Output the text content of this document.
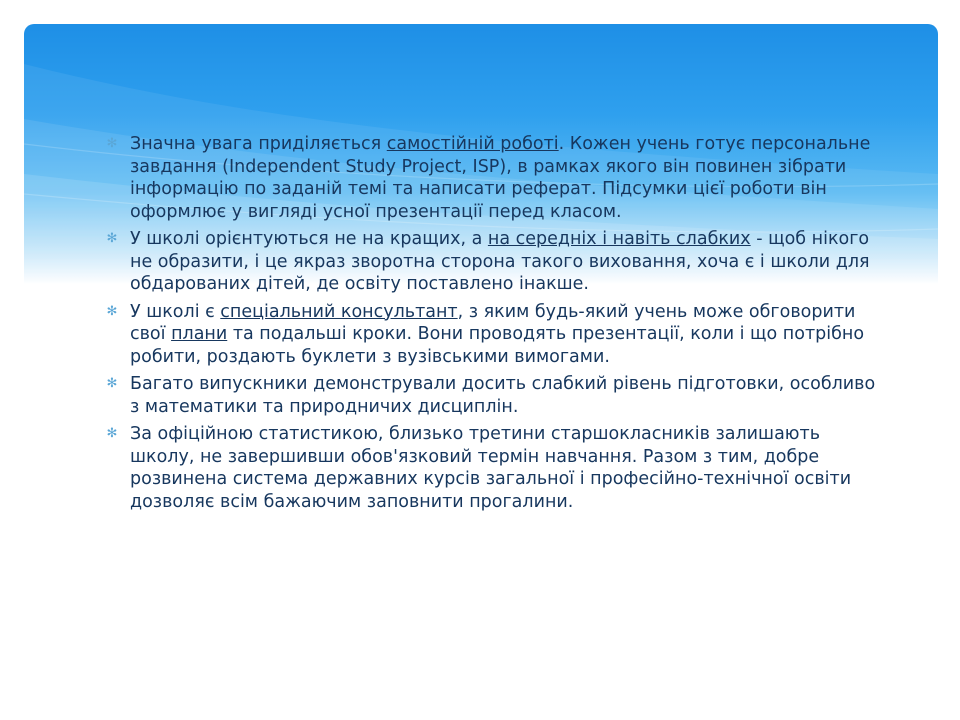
✻ Значна увага приділяється самостійній роботі. Кожен учень готує персональне завдання (Independent Study Project, ISP), в рамках якого він повинен зібрати інформацію по заданій темі та написати реферат. Підсумки цієї роботи він оформлює у вигляді усної презентації перед класом.
✻ У школі орієнтуються не на кращих, а на середніх і навіть слабких - щоб нікого не образити, і це якраз зворотна сторона такого виховання, хоча є і школи для обдарованих дітей, де освіту поставлено інакше.
✻ У школі є спеціальний консультант, з яким будь-який учень може обговорити свої плани та подальші кроки. Вони проводять презентації, коли і що потрібно робити, роздають буклети з вузівськими вимогами.
✻ Багато випускники демонстрували досить слабкий рівень підготовки, особливо з математики та природничих дисциплін.
✻ За офіційною статистикою, близько третини старшокласників залишають школу, не завершивши обов'язковий термін навчання. Разом з тим, добре розвинена система державних курсів загальної і професійно-технічної освіти дозволяє всім бажаючим заповнити прогалини.
